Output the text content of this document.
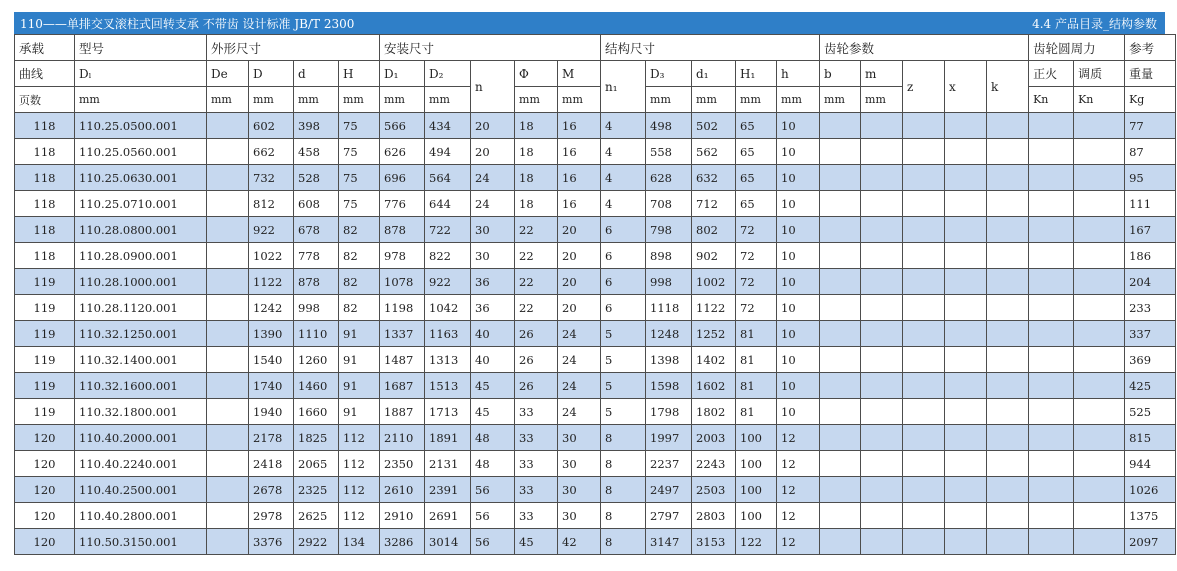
110——单排交叉滚柱式回转支承 不带齿 设计标准 JB/T 2300	4.4 产品目录_结构参数
承载	型号	外形尺寸				安装尺寸					结构尺寸					齿轮参数					齿轮圆周力		参考
曲线	Dₗ	De	D	d	H	D₁	D₂	n	Φ	M	n₁	D₃	d₁	H₁	h	b	m	z	x	k	正火	调质	重量
页数	mm	mm	mm	mm	mm	mm	mm		mm	mm		mm	mm	mm	mm	mm	mm				Kn	Kn	Kg
118	110.25.0500.001		602	398	75	566	434	20	18	16	4	498	502	65	10								77
118	110.25.0560.001		662	458	75	626	494	20	18	16	4	558	562	65	10								87
118	110.25.0630.001		732	528	75	696	564	24	18	16	4	628	632	65	10								95
118	110.25.0710.001		812	608	75	776	644	24	18	16	4	708	712	65	10								111
118	110.28.0800.001		922	678	82	878	722	30	22	20	6	798	802	72	10								167
118	110.28.0900.001		1022	778	82	978	822	30	22	20	6	898	902	72	10								186
119	110.28.1000.001		1122	878	82	1078	922	36	22	20	6	998	1002	72	10								204
119	110.28.1120.001		1242	998	82	1198	1042	36	22	20	6	1118	1122	72	10								233
119	110.32.1250.001		1390	1110	91	1337	1163	40	26	24	5	1248	1252	81	10								337
119	110.32.1400.001		1540	1260	91	1487	1313	40	26	24	5	1398	1402	81	10								369
119	110.32.1600.001		1740	1460	91	1687	1513	45	26	24	5	1598	1602	81	10								425
119	110.32.1800.001		1940	1660	91	1887	1713	45	33	24	5	1798	1802	81	10								525
120	110.40.2000.001		2178	1825	112	2110	1891	48	33	30	8	1997	2003	100	12								815
120	110.40.2240.001		2418	2065	112	2350	2131	48	33	30	8	2237	2243	100	12								944
120	110.40.2500.001		2678	2325	112	2610	2391	56	33	30	8	2497	2503	100	12								1026
120	110.40.2800.001		2978	2625	112	2910	2691	56	33	30	8	2797	2803	100	12								1375
120	110.50.3150.001		3376	2922	134	3286	3014	56	45	42	8	3147	3153	122	12								2097
